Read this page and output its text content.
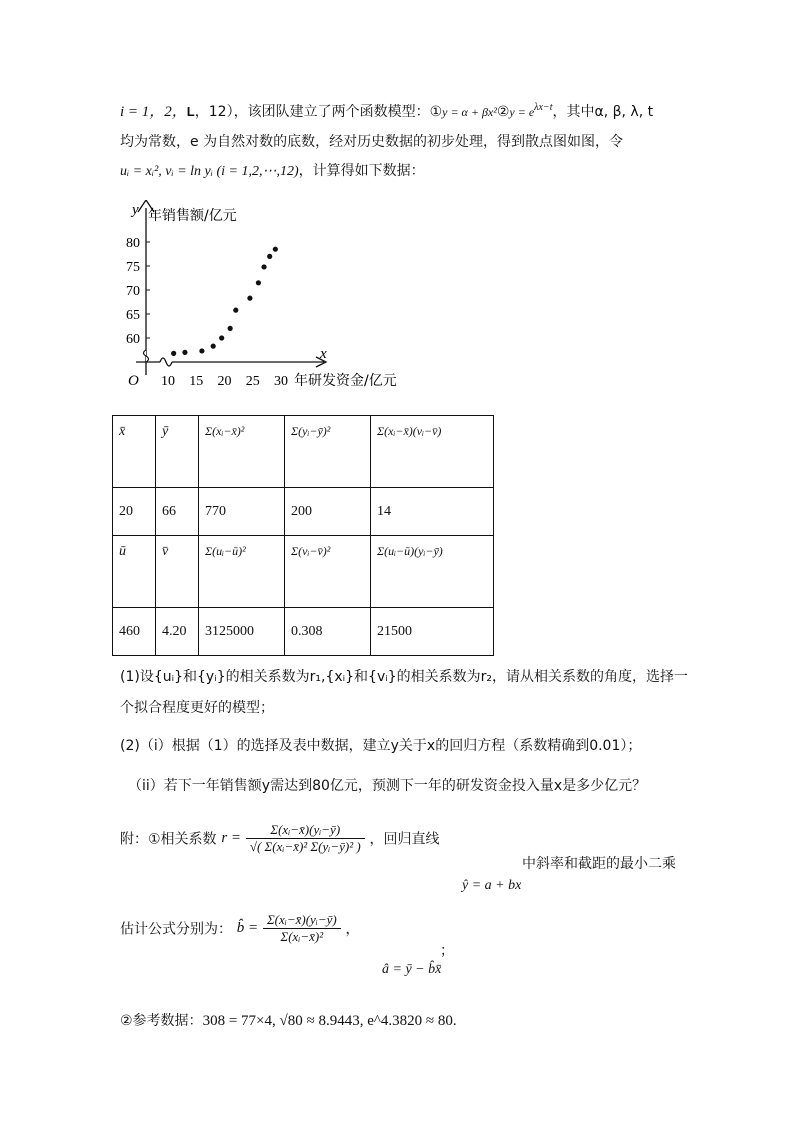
i = 1，2，L，12），该团队建立了两个函数模型：①y = α + βx²②y = $e^{\lambda x-t}$，其中α, β, λ, t
均为常数，e 为自然对数的底数，经对历史数据的初步处理，得到散点图如图，令
uᵢ = xᵢ², vᵢ = ln yᵢ (i = 1,2,⋯,12)，计算得如下数据：
10 15 20 25 30
60
65
70
75
80
O
x
y 年销售额/亿元
年研发资金/亿元
x̄	ȳ	Σ(xᵢ−x̄)²	Σ(yᵢ−ȳ)²	Σ(xᵢ−x̄)(vᵢ−v̄)
20	66	770	200	14
ū	v̄	Σ(uᵢ−ū)²	Σ(vᵢ−v̄)²	Σ(uᵢ−ū)(yᵢ−ȳ)
460	4.20	3125000	0.308	21500
(1)设{uᵢ}和{yᵢ}的相关系数为r₁,{xᵢ}和{vᵢ}的相关系数为r₂，请从相关系数的角度，选择一
个拟合程度更好的模型；
(2)（i）根据（1）的选择及表中数据，建立y关于x的回归方程（系数精确到0.01）；
（ii）若下一年销售额y需达到80亿元，预测下一年的研发资金投入量x是多少亿元？
附：①相关系数 $r = \frac{\text{Σ(xᵢ−x̄)(yᵢ−ȳ)}}{\text{√( Σ(xᵢ−x̄)² Σ(yᵢ−ȳ)² )}}$ ，回归直线
中斜率和截距的最小二乘
ŷ = a + bx
估计公式分别为： b̂ = $\frac{\text{Σ(xᵢ−x̄)(yᵢ−ȳ)}}{\text{Σ(xᵢ−x̄)²}}$ ，
；
â = ȳ − b̂x̄
②参考数据：308 = 77×4, √80 ≈ 8.9443, e^4.3820 ≈ 80.
